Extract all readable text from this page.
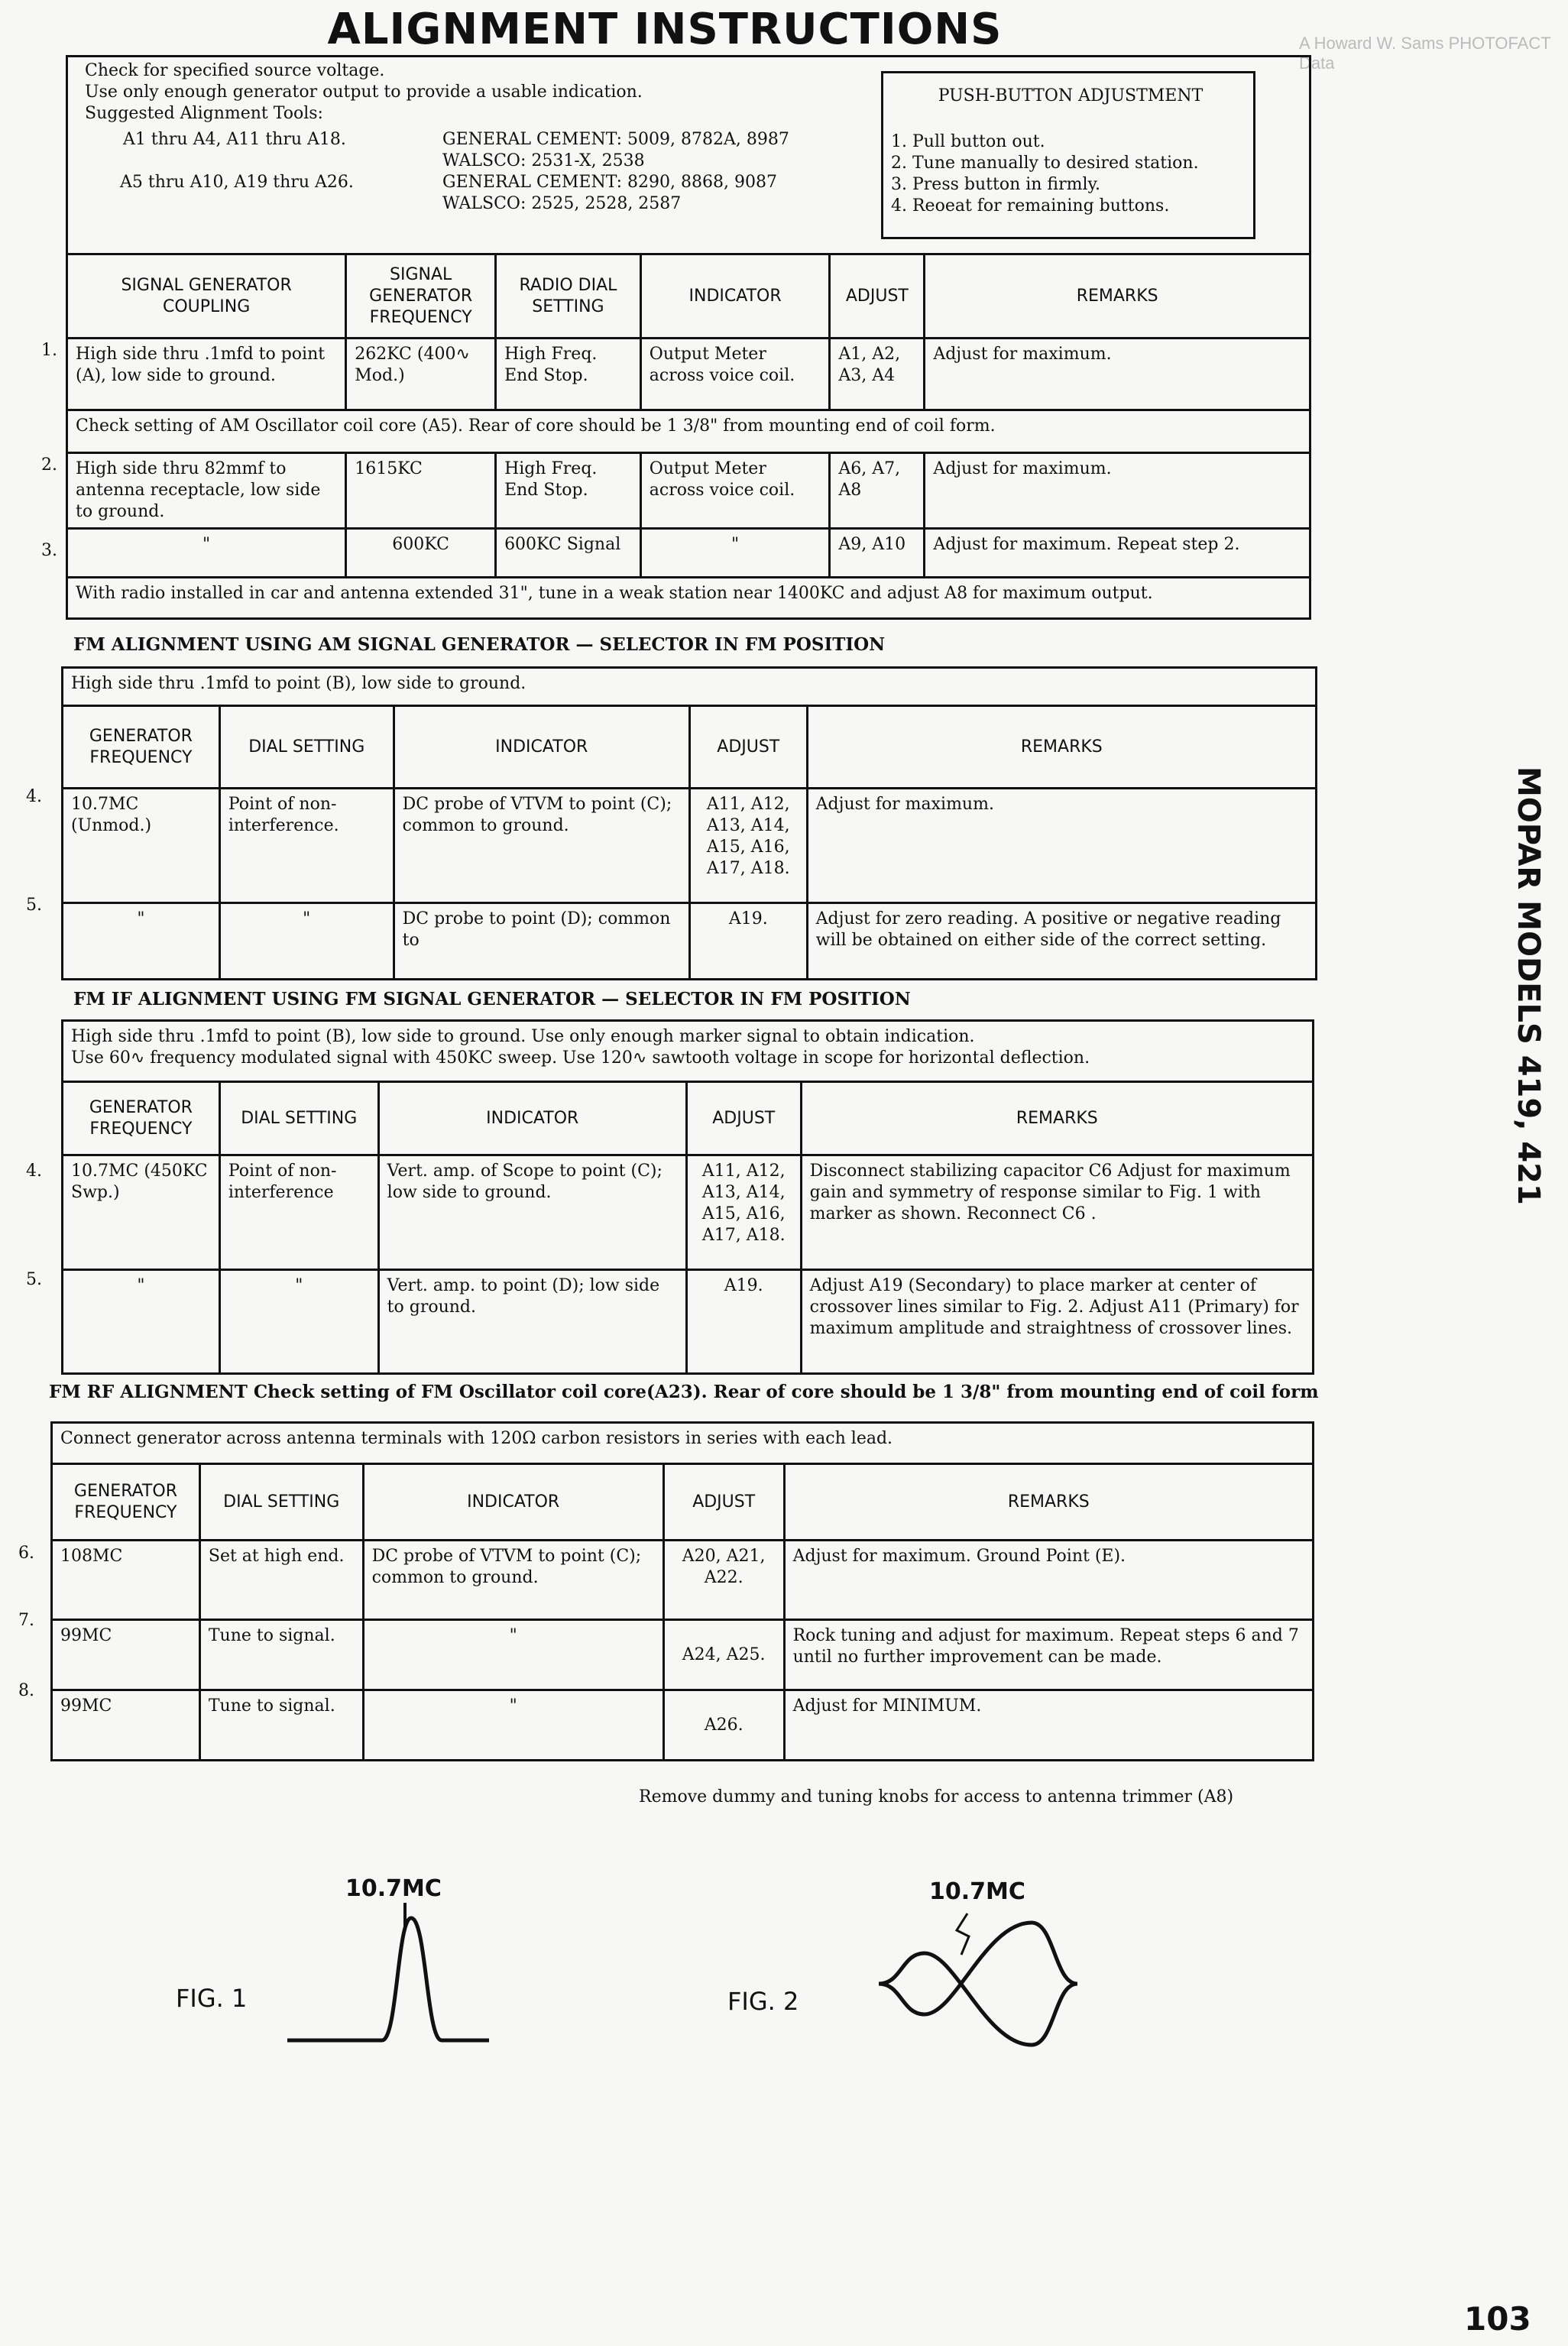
ALIGNMENT INSTRUCTIONS	A Howard W. Sams PHOTOFACT Data
Check for specified source voltage.
Use only enough generator output to provide a usable indication.
Suggested Alignment Tools:
A1 thru A4, A11 thru A18.	GENERAL CEMENT: 5009, 8782A, 8987
WALSCO: 2531-X, 2538
A5 thru A10, A19 thru A26.	GENERAL CEMENT: 8290, 8868, 9087
WALSCO: 2525, 2528, 2587
PUSH-BUTTON ADJUSTMENT
1. Pull button out.
2. Tune manually to desired station.
3. Press button in firmly.
4. Reoeat for remaining buttons.
SIGNAL GENERATOR COUPLING	SIGNAL GENERATOR FREQUENCY	RADIO DIAL SETTING	INDICATOR	ADJUST	REMARKS
High side thru .1mfd to point (A), low side to ground.	262KC (400∿ Mod.)	High Freq. End Stop.	Output Meter across voice coil.	A1, A2, A3, A4	Adjust for maximum.
Check setting of AM Oscillator coil core (A5). Rear of core should be 1 3/8" from mounting end of coil form.					
High side thru 82mmf to antenna receptacle, low side to ground.	1615KC	High Freq. End Stop.	Output Meter across voice coil.	A6, A7, A8	Adjust for maximum.
"	600KC	600KC Signal	"	A9, A10	Adjust for maximum. Repeat step 2.
With radio installed in car and antenna extended 31", tune in a weak station near 1400KC and adjust A8 for maximum output.					
1.
2.
3.
FM ALIGNMENT USING AM SIGNAL GENERATOR — SELECTOR IN FM POSITION
High side thru .1mfd to point (B), low side to ground.				
GENERATOR FREQUENCY	DIAL SETTING	INDICATOR	ADJUST	REMARKS
10.7MC (Unmod.)	Point of non-interference.	DC probe of VTVM to point (C); common to ground.	A11, A12, A13, A14, A15, A16, A17, A18.	Adjust for maximum.
"	"	DC probe to point (D); common to	A19.	Adjust for zero reading. A positive or negative reading will be obtained on either side of the correct setting.
4.
5.
FM IF ALIGNMENT USING FM SIGNAL GENERATOR — SELECTOR IN FM POSITION
High side thru .1mfd to point (B), low side to ground. Use only enough marker signal to obtain indication.
Use 60∿ frequency modulated signal with 450KC sweep. Use 120∿ sawtooth voltage in scope for horizontal deflection.				

GENERATOR FREQUENCY	DIAL SETTING	INDICATOR	ADJUST	REMARKS
10.7MC (450KC Swp.)	Point of non-interference	Vert. amp. of Scope to point (C); low side to ground.	A11, A12, A13, A14, A15, A16, A17, A18.	Disconnect stabilizing capacitor C6 Adjust for maximum gain and symmetry of response similar to Fig. 1 with marker as shown. Reconnect C6 .
"	"	Vert. amp. to point (D); low side to ground.	A19.	Adjust A19 (Secondary) to place marker at center of crossover lines similar to Fig. 2. Adjust A11 (Primary) for maximum amplitude and straightness of crossover lines.
4.
5.
FM RF ALIGNMENT Check setting of FM Oscillator coil core(A23). Rear of core should be 1 3/8" from mounting end of coil form
Connect generator across antenna terminals with 120Ω carbon resistors in series with each lead.				
GENERATOR FREQUENCY	DIAL SETTING	INDICATOR	ADJUST	REMARKS
108MC	Set at high end.	DC probe of VTVM to point (C); common to ground.	A20, A21, A22.	Adjust for maximum. Ground Point (E).
99MC	Tune to signal.	"	A24, A25.	Rock tuning and adjust for maximum. Repeat steps 6 and 7 until no further improvement can be made.
99MC	Tune to signal.	"	A26.	Adjust for MINIMUM.
6.
7.
8.
Remove dummy and tuning knobs for access to antenna trimmer (A8)
10.7MC
FIG. 1
10.7MC
FIG. 2
MOPAR MODELS 419, 421
103
